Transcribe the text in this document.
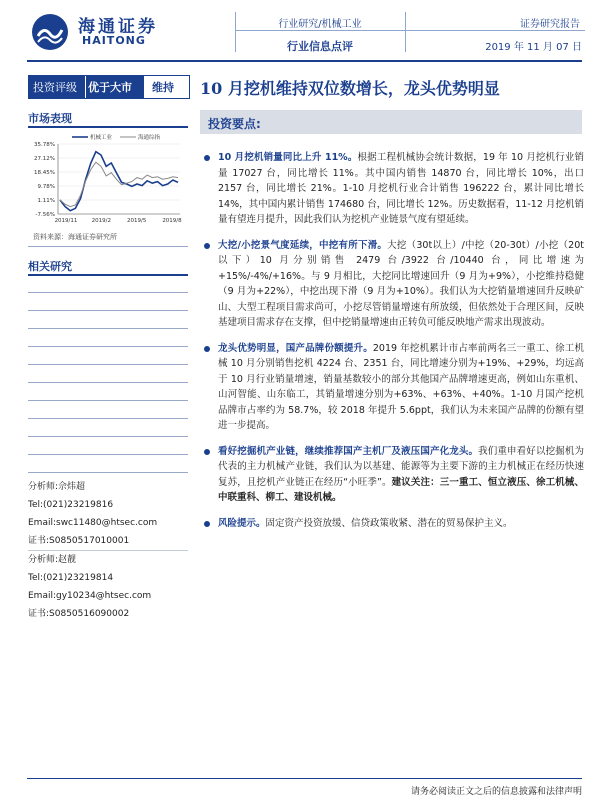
海通证券
HAITONG
行业研究/机械工业
行业信息点评
证券研究报告
2019 年 11 月 07 日
投资评级	优于大市	维持 10 月挖机维持双位数增长，龙头优势明显
市场表现
35.78%
27.12%
18.45%
9.78%
1.11%
-7.56%
2019/11	2019/2	2019/5	2019/8
机械工业	海通综指
资料来源：海通证券研究所
相关研究
分析师:佘炜超
Tel:(021)23219816
Email:swc11480@htsec.com
证书:S0850517010001
分析师:赵靓
Tel:(021)23219814
Email:gy10234@htsec.com
证书:S0850516090002
投资要点:
10 月挖机销量同比上升 11%。根据工程机械协会统计数据，19 年 10 月挖机行业销量 17027 台，同比增长 11%。其中国内销售 14870 台，同比增长 10%，出口 2157 台，同比增长 21%。1-10 月挖机行业合计销售 196222 台，累计同比增长 14%，其中国内累计销售 174680 台，同比增长 12%。历史数据看，11-12 月挖机销量有望连月提升，因此我们认为挖机产业链景气度有望延续。
大挖/小挖景气度延续，中挖有所下滑。大挖（30t以上）/中挖（20-30t）/小挖（20t 以下）10 月分别销售 2479 台/3922 台/10440 台，同比增速为+15%/-4%/+16%。与 9 月相比，大挖同比增速回升（9 月为+9%），小挖维持稳健（9 月为+22%），中挖出现下滑（9 月为+10%）。我们认为大挖销量增速回升反映矿山、大型工程项目需求尚可，小挖尽管销量增速有所放缓，但依然处于合理区间，反映基建项目需求存在支撑，但中挖销量增速由正转负可能反映地产需求出现波动。
龙头优势明显，国产品牌份额提升。2019 年挖机累计市占率前两名三一重工、徐工机械 10 月分别销售挖机 4224 台、2351 台，同比增速分别为+19%、+29%，均远高于 10 月行业销量增速，销量基数较小的部分其他国产品牌增速更高，例如山东重机、山河智能、山东临工，其销量增速分别为+63%、+63%、+40%。1-10 月国产挖机品牌市占率约为 58.7%，较 2018 年提升 5.6ppt，我们认为未来国产品牌的份额有望进一步提高。
看好挖掘机产业链，继续推荐国产主机厂及液压国产化龙头。我们重申看好以挖掘机为代表的主力机械产业链，我们认为以基建、能源等为主要下游的主力机械正在经历快速复苏，且挖机产业链正在经历“小旺季”。建议关注：三一重工、恒立液压、徐工机械、中联重科、柳工、建设机械。
风险提示。固定资产投资放缓、信贷政策收紧、潜在的贸易保护主义。
请务必阅读正文之后的信息披露和法律声明
